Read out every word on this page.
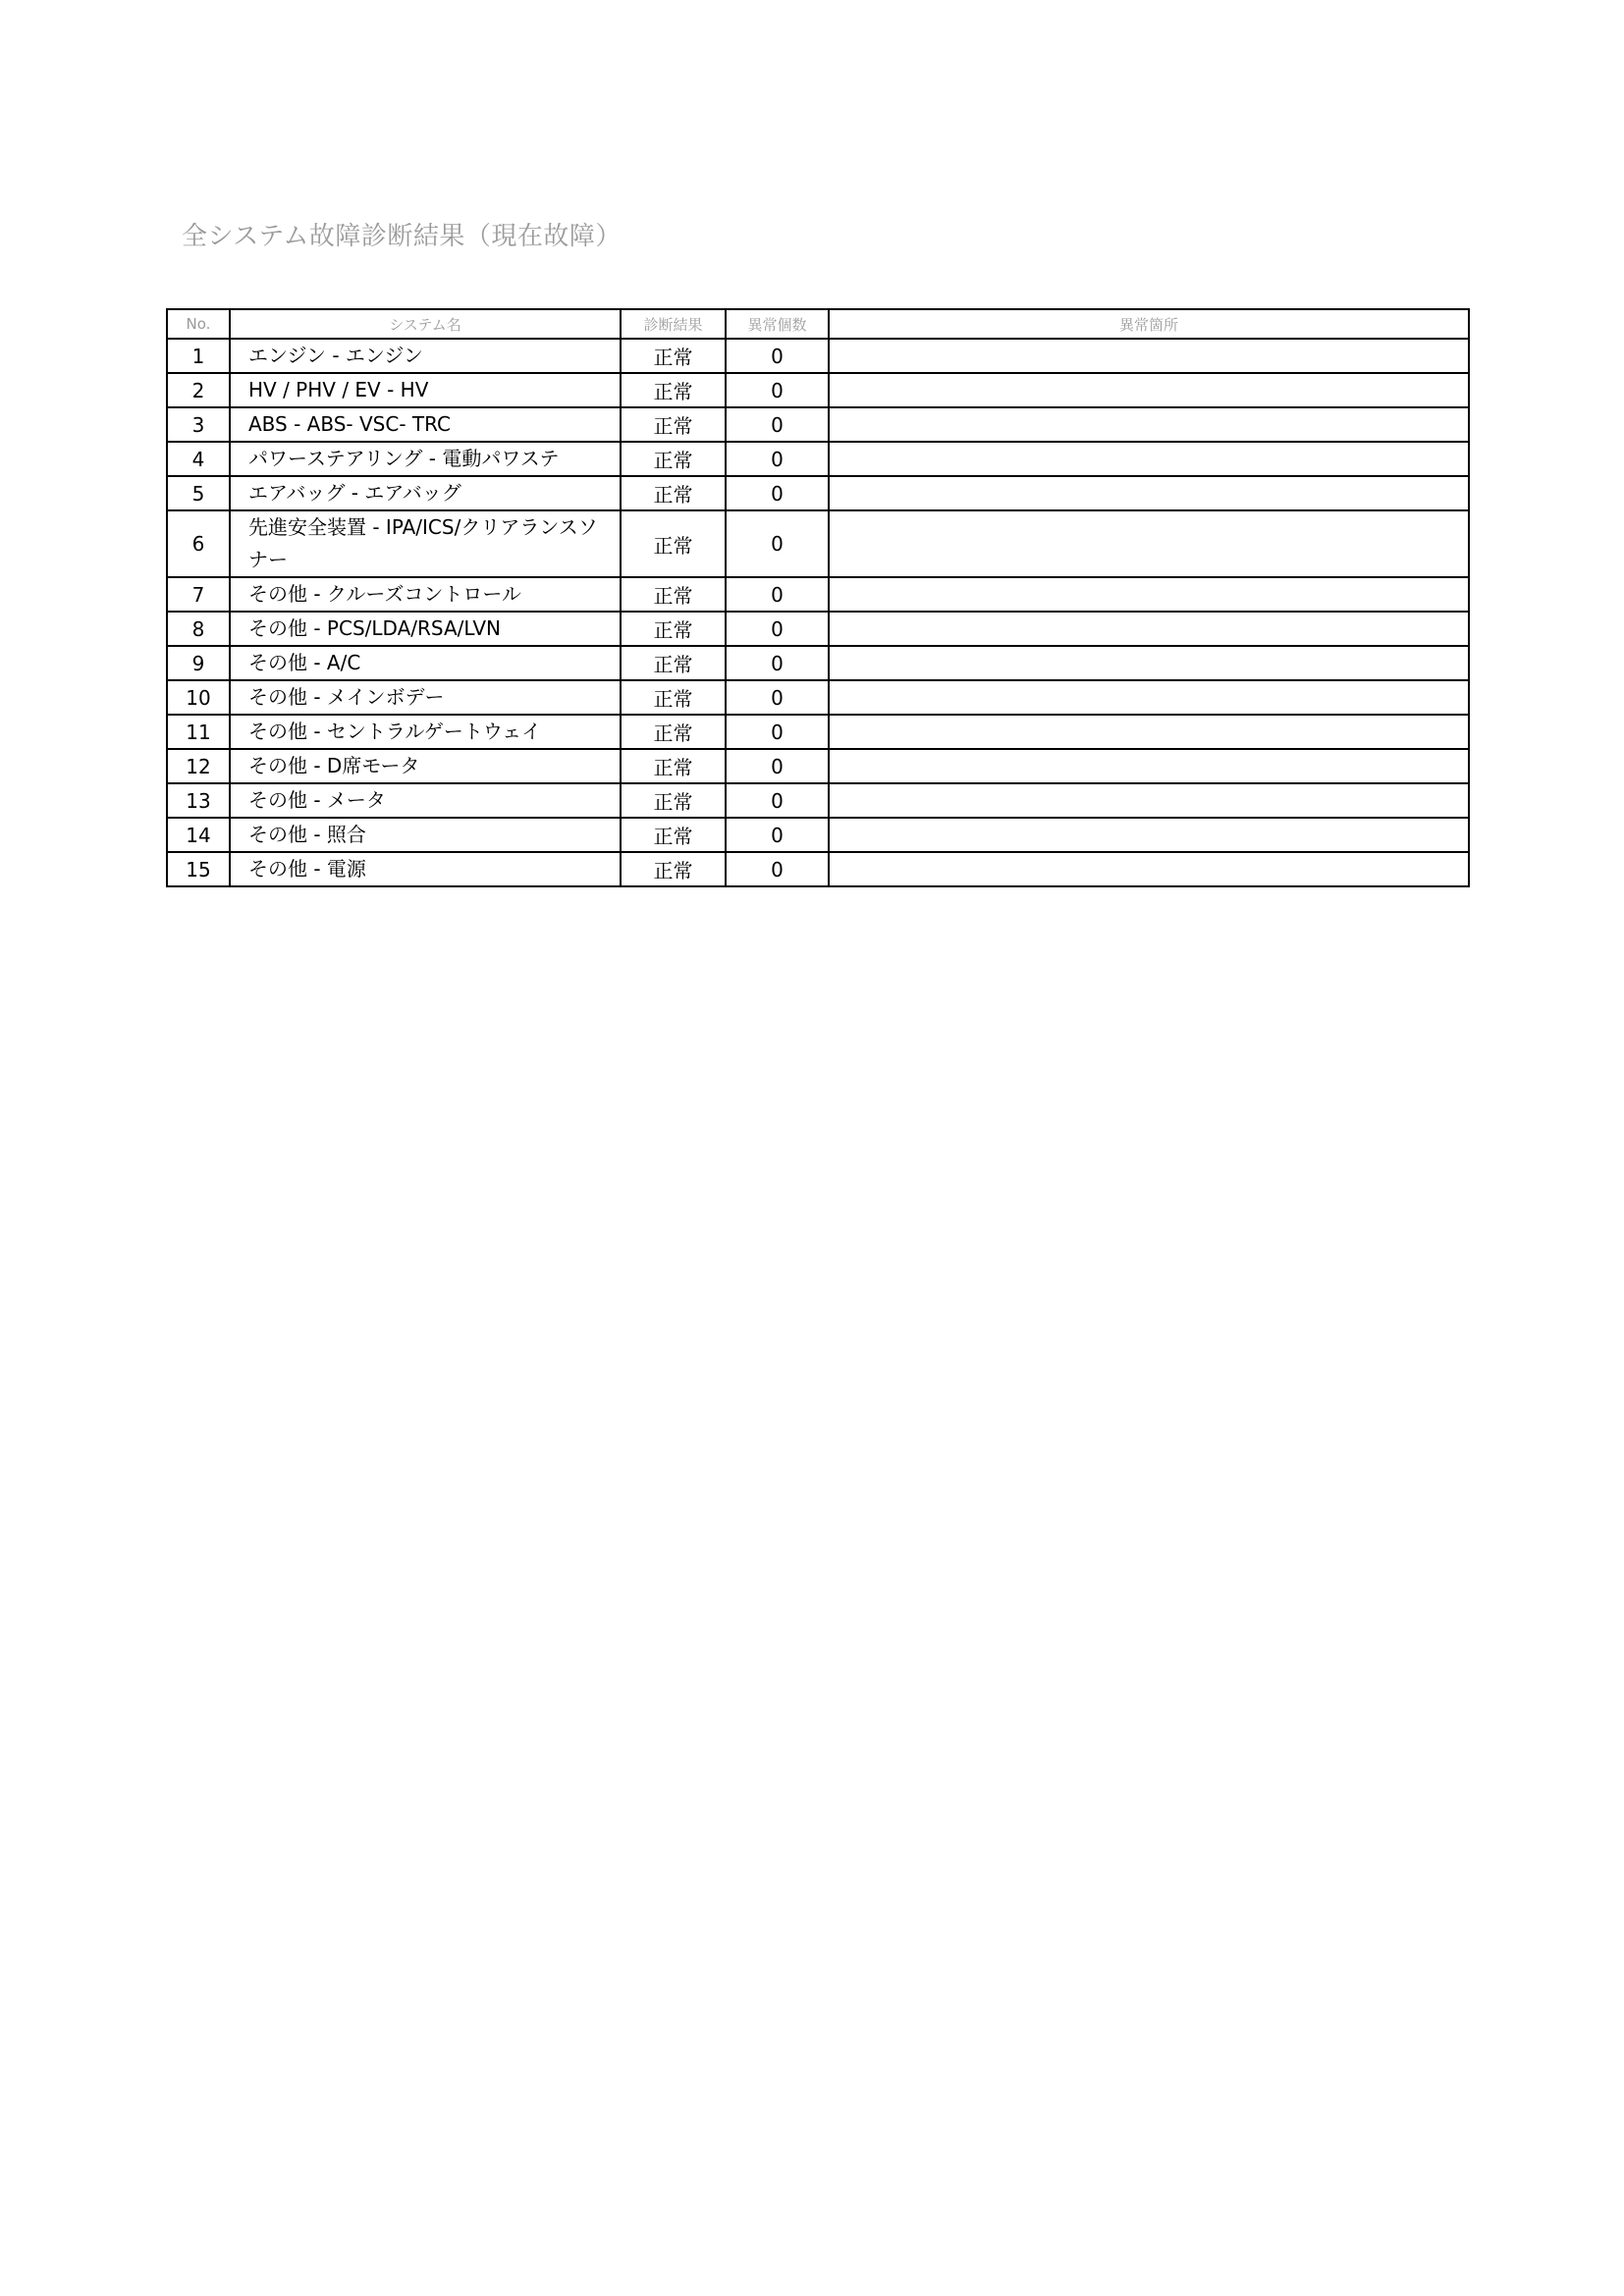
全システム故障診断結果（現在故障）
No.	システム名	診断結果	異常個数	異常箇所
1	エンジン - エンジン	正常	0	
2	HV / PHV / EV - HV	正常	0	
3	ABS - ABS- VSC- TRC	正常	0	
4	パワーステアリング - 電動パワステ	正常	0	
5	エアバッグ - エアバッグ	正常	0	
6	先進安全装置 - IPA/ICS/クリアランスソナー	正常	0	
7	その他 - クルーズコントロール	正常	0	
8	その他 - PCS/LDA/RSA/LVN	正常	0	
9	その他 - A/C	正常	0	
10	その他 - メインボデー	正常	0	
11	その他 - セントラルゲートウェイ	正常	0	
12	その他 - D席モータ	正常	0	
13	その他 - メータ	正常	0	
14	その他 - 照合	正常	0	
15	その他 - 電源	正常	0	
